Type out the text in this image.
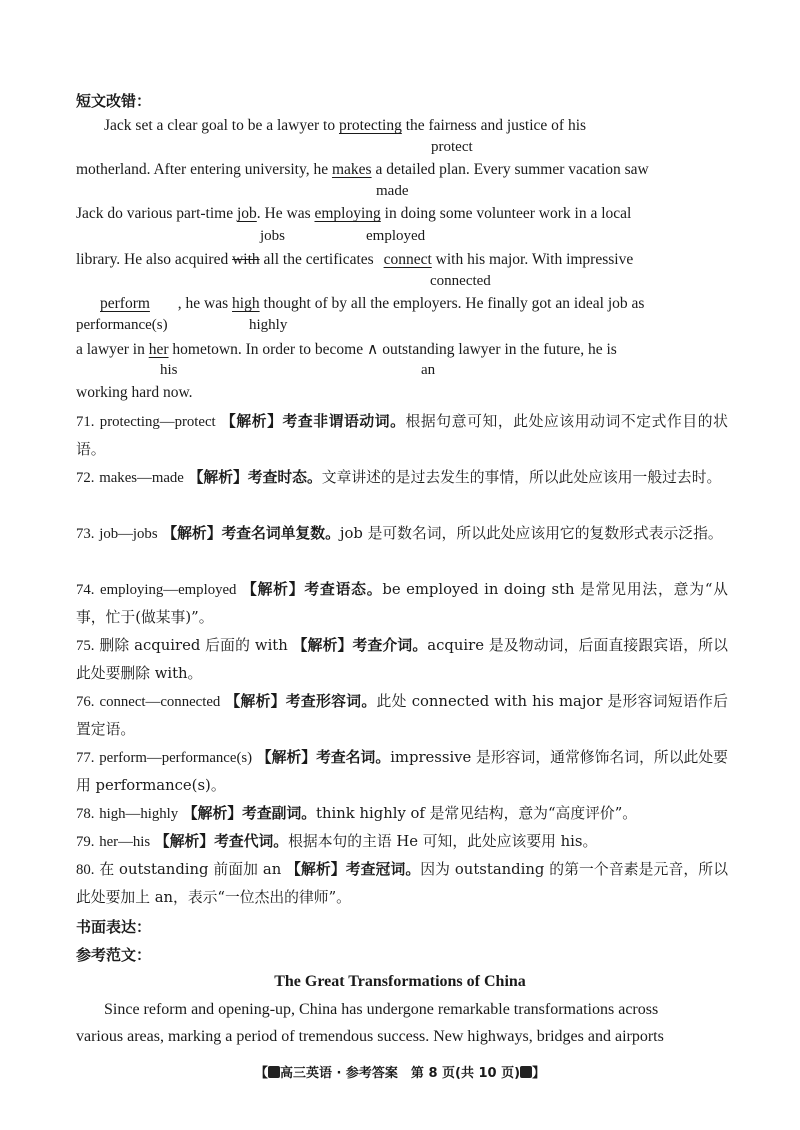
短文改错：
Jack set a clear goal to be a lawyer to protecting the fairness and justice of his
protect
motherland. After entering university, he makes a detailed plan. Every summer vacation saw
made
Jack do various part-time job. He was employing in doing some volunteer work in a local
jobs	employed
library. He also acquired with all the certificates connect with his major. With impressive
connected
perform , he was high thought of by all the employers. He finally got an ideal job as
performance(s)	highly
a lawyer in her hometown. In order to become ∧ outstanding lawyer in the future, he is
his	an
working hard now.
71. protecting—protect 【解析】考查非谓语动词。根据句意可知，此处应该用动词不定式作目的状语。
72. makes—made 【解析】考查时态。文章讲述的是过去发生的事情，所以此处应该用一般过去时。
73. job—jobs 【解析】考查名词单复数。job 是可数名词，所以此处应该用它的复数形式表示泛指。
74. employing—employed 【解析】考查语态。be employed in doing sth 是常见用法，意为“从事，忙于(做某事)”。
75. 删除 acquired 后面的 with 【解析】考查介词。acquire 是及物动词，后面直接跟宾语，所以此处要删除 with。
76. connect—connected 【解析】考查形容词。此处 connected with his major 是形容词短语作后置定语。
77. perform—performance(s) 【解析】考查名词。impressive 是形容词，通常修饰名词，所以此处要用 performance(s)。
78. high—highly 【解析】考查副词。think highly of 是常见结构，意为“高度评价”。
79. her—his 【解析】考查代词。根据本句的主语 He 可知，此处应该要用 his。
80. 在 outstanding 前面加 an 【解析】考查冠词。因为 outstanding 的第一个音素是元音，所以此处要加上 an，表示“一位杰出的律师”。
书面表达：
参考范文：
The Great Transformations of China
Since reform and opening-up, China has undergone remarkable transformations across
various areas, marking a period of tremendous success. New highways, bridges and airports
【 高三英语 · 参考答案　第 8 页(共 10 页) 】
